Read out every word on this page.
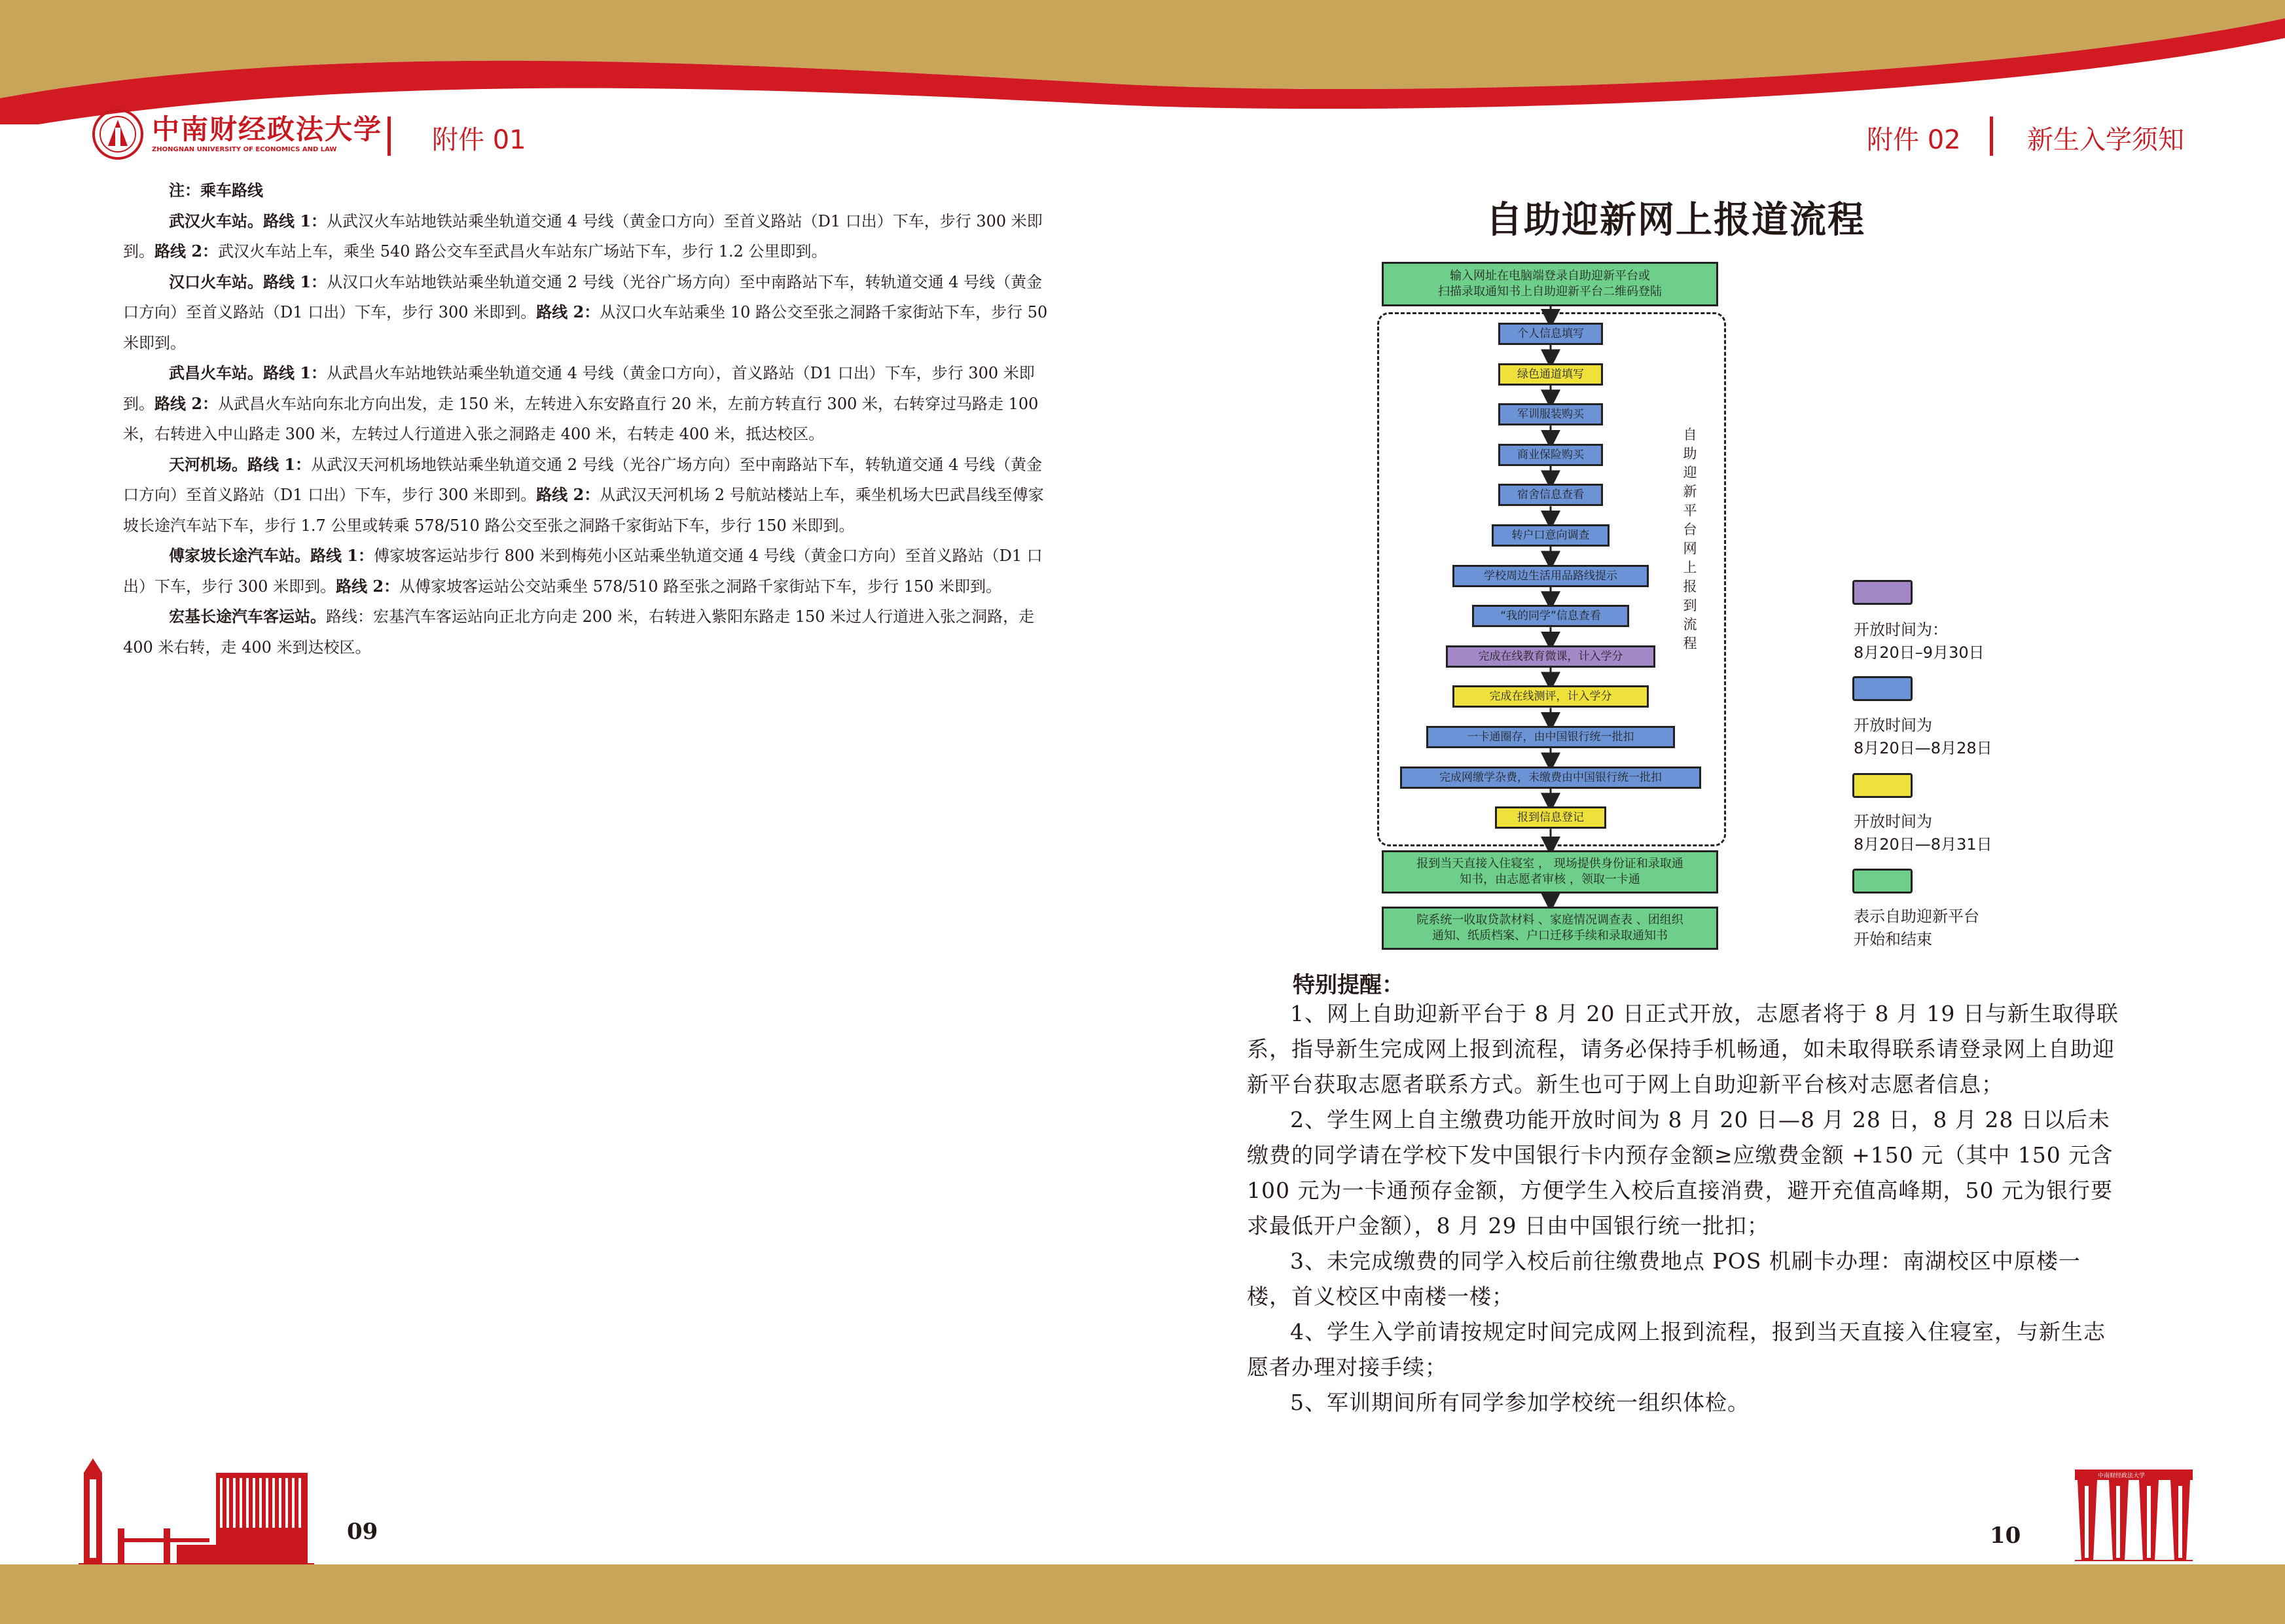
中南财经政法大学
ZHONGNAN UNIVERSITY OF ECONOMICS AND LAW	附件 01	附件 02	新生入学须知

注：乘车路线

武汉火车站。路线 1：从武汉火车站地铁站乘坐轨道交通 4 号线（黄金口方向）至首义路站（D1 口出）下车，步行 300 米即到。路线 2：武汉火车站上车，乘坐 540 路公交车至武昌火车站东广场站下车，步行 1.2 公里即到。

汉口火车站。路线 1：从汉口火车站地铁站乘坐轨道交通 2 号线（光谷广场方向）至中南路站下车，转轨道交通 4 号线（黄金口方向）至首义路站（D1 口出）下车，步行 300 米即到。路线 2：从汉口火车站乘坐 10 路公交至张之洞路千家街站下车，步行 50 米即到。

武昌火车站。路线 1：从武昌火车站地铁站乘坐轨道交通 4 号线（黄金口方向），首义路站（D1 口出）下车，步行 300 米即到。路线 2：从武昌火车站向东北方向出发，走 150 米，左转进入东安路直行 20 米，左前方转直行 300 米，右转穿过马路走 100 米，右转进入中山路走 300 米，左转过人行道进入张之洞路走 400 米，右转走 400 米，抵达校区。

天河机场。路线 1：从武汉天河机场地铁站乘坐轨道交通 2 号线（光谷广场方向）至中南路站下车，转轨道交通 4 号线（黄金口方向）至首义路站（D1 口出）下车，步行 300 米即到。路线 2：从武汉天河机场 2 号航站楼站上车，乘坐机场大巴武昌线至傅家坡长途汽车站下车，步行 1.7 公里或转乘 578/510 路公交至张之洞路千家街站下车，步行 150 米即到。

傅家坡长途汽车站。路线 1：傅家坡客运站步行 800 米到梅苑小区站乘坐轨道交通 4 号线（黄金口方向）至首义路站（D1 口出）下车，步行 300 米即到。路线 2：从傅家坡客运站公交站乘坐 578/510 路至张之洞路千家街站下车，步行 150 米即到。

宏基长途汽车客运站。路线：宏基汽车客运站向正北方向走 200 米，右转进入紫阳东路走 150 米过人行道进入张之洞路，走 400 米右转，走 400 米到达校区。

自助迎新网上报道流程
输入网址在电脑端登录自助迎新平台或
扫描录取通知书上自助迎新平台二维码登陆
自助迎新平台网上报到流程
个人信息填写
绿色通道填写
军训服装购买
商业保险购买
宿舍信息查看
转户口意向调查
学校周边生活用品路线提示
“我的同学”信息查看
完成在线教育微课，计入学分
完成在线测评，计入学分
一卡通圈存，由中国银行统一批扣
完成网缴学杂费，未缴费由中国银行统一批扣
报到信息登记
报到当天直接入住寝室 ， 现场提供身份证和录取通
知书，由志愿者审核 ，领取一卡通
院系统一收取贷款材料 、家庭情况调查表 、团组织
通知、纸质档案、户口迁移手续和录取通知书
开放时间为：
8月20日–9月30日
开放时间为
8月20日—8月28日
开放时间为
8月20日—8月31日
表示自助迎新平台
开始和结束
特别提醒：

1、网上自助迎新平台于 8 月 20 日正式开放，志愿者将于 8 月 19 日与新生取得联系，指导新生完成网上报到流程，请务必保持手机畅通，如未取得联系请登录网上自助迎新平台获取志愿者联系方式。新生也可于网上自助迎新平台核对志愿者信息；

2、学生网上自主缴费功能开放时间为 8 月 20 日—8 月 28 日，8 月 28 日以后未缴费的同学请在学校下发中国银行卡内预存金额≥应缴费金额 +150 元（其中 150 元含 100 元为一卡通预存金额，方便学生入校后直接消费，避开充值高峰期，50 元为银行要求最低开户金额），8 月 29 日由中国银行统一批扣；

3、未完成缴费的同学入校后前往缴费地点 POS 机刷卡办理：南湖校区中原楼一楼，首义校区中南楼一楼；

4、学生入学前请按规定时间完成网上报到流程，报到当天直接入住寝室，与新生志愿者办理对接手续；

5、军训期间所有同学参加学校统一组织体检。

09	10
中南财经政法大学
